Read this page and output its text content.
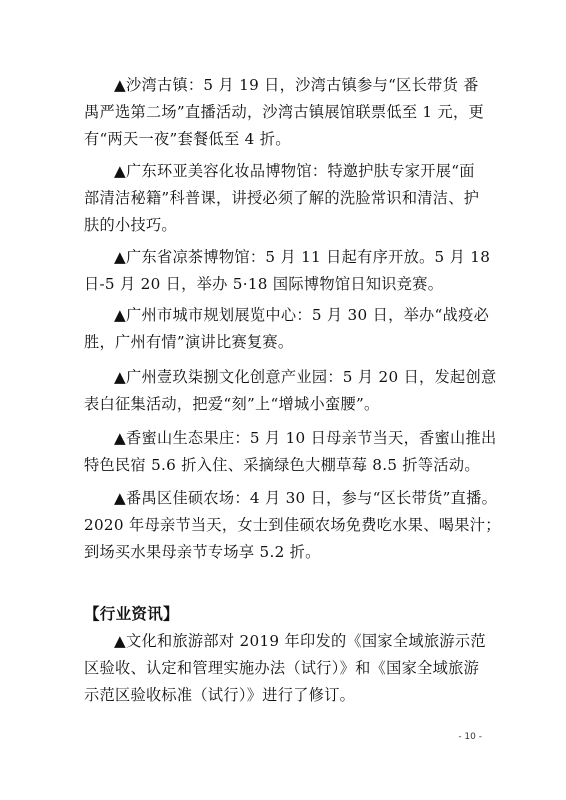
▲沙湾古镇：5 月 19 日，沙湾古镇参与“区长带货 番
禺严选第二场”直播活动，沙湾古镇展馆联票低至 1 元，更
有“两天一夜”套餐低至 4 折。
▲广东环亚美容化妆品博物馆：特邀护肤专家开展“面
部清洁秘籍”科普课，讲授必须了解的洗脸常识和清洁、护
肤的小技巧。
▲广东省凉茶博物馆：5 月 11 日起有序开放。5 月 18
日-5 月 20 日，举办 5·18 国际博物馆日知识竞赛。
▲广州市城市规划展览中心：5 月 30 日，举办“战疫必
胜，广州有情”演讲比赛复赛。
▲广州壹玖柒捌文化创意产业园：5 月 20 日，发起创意
表白征集活动，把爱“刻”上“增城小蛮腰”。
▲香蜜山生态果庄：5 月 10 日母亲节当天，香蜜山推出
特色民宿 5.6 折入住、采摘绿色大棚草莓 8.5 折等活动。
▲番禺区佳硕农场：4 月 30 日，参与“区长带货”直播。
2020 年母亲节当天，女士到佳硕农场免费吃水果、喝果汁；
到场买水果母亲节专场享 5.2 折。
【行业资讯】
▲文化和旅游部对 2019 年印发的《国家全域旅游示范
区验收、认定和管理实施办法（试行）》和《国家全域旅游
示范区验收标准（试行）》进行了修订。
- 10 -
